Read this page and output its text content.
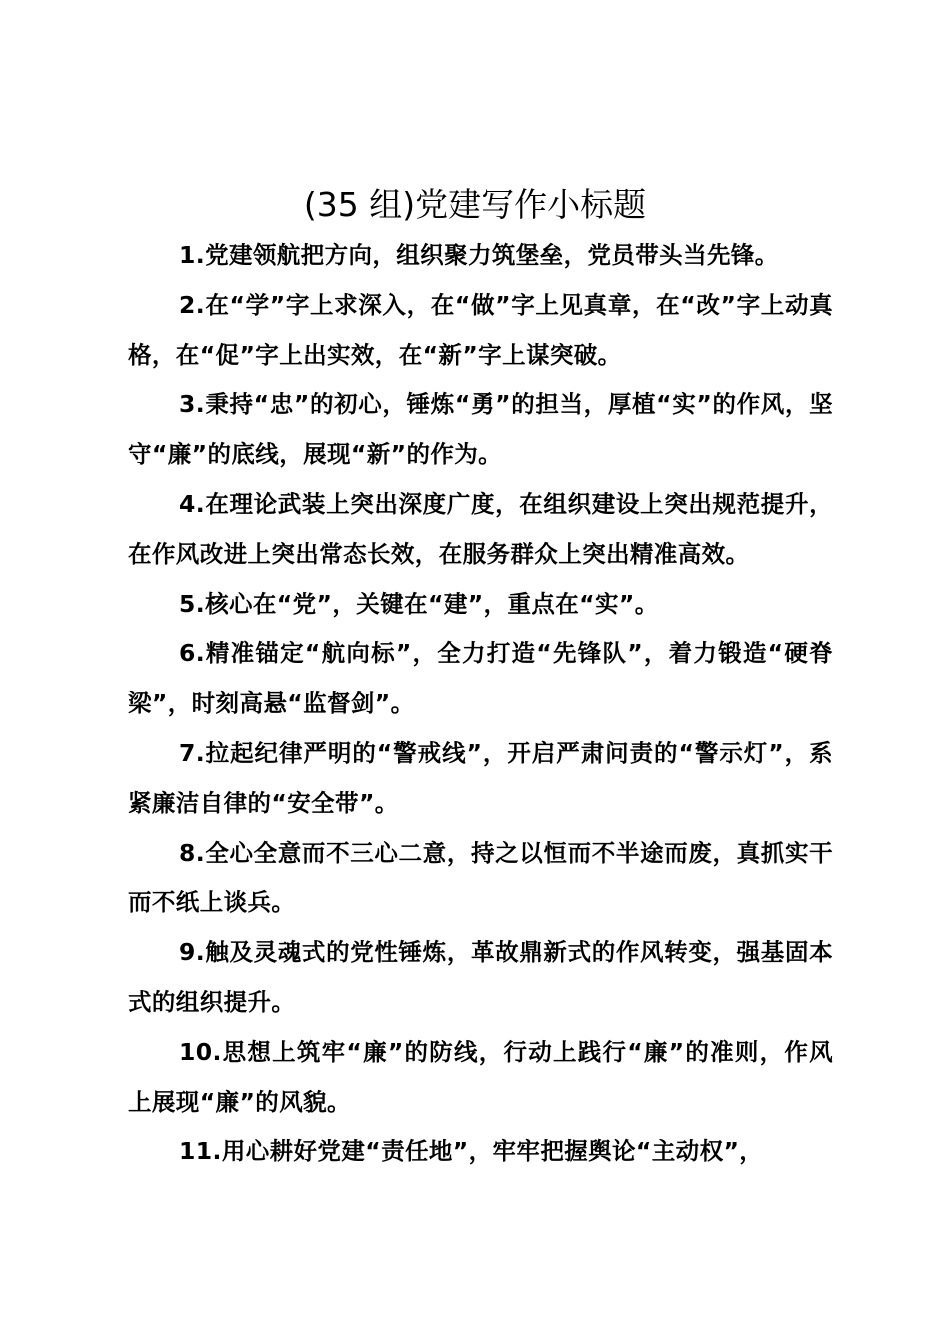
(35 组)党建写作小标题

1.党建领航把方向，组织聚力筑堡垒，党员带头当先锋。

2.在“学”字上求深入，在“做”字上见真章，在“改”字上动真格，在“促”字上出实效，在“新”字上谋突破。

3.秉持“忠”的初心，锤炼“勇”的担当，厚植“实”的作风，坚守“廉”的底线，展现“新”的作为。

4.在理论武装上突出深度广度，在组织建设上突出规范提升，在作风改进上突出常态长效，在服务群众上突出精准高效。

5.核心在“党”，关键在“建”，重点在“实”。

6.精准锚定“航向标”，全力打造“先锋队”，着力锻造“硬脊梁”，时刻高悬“监督剑”。

7.拉起纪律严明的“警戒线”，开启严肃问责的“警示灯”，系紧廉洁自律的“安全带”。

8.全心全意而不三心二意，持之以恒而不半途而废，真抓实干而不纸上谈兵。

9.触及灵魂式的党性锤炼，革故鼎新式的作风转变，强基固本式的组织提升。

10.思想上筑牢“廉”的防线，行动上践行“廉”的准则，作风上展现“廉”的风貌。

11.用心耕好党建“责任地”，牢牢把握舆论“主动权”，
